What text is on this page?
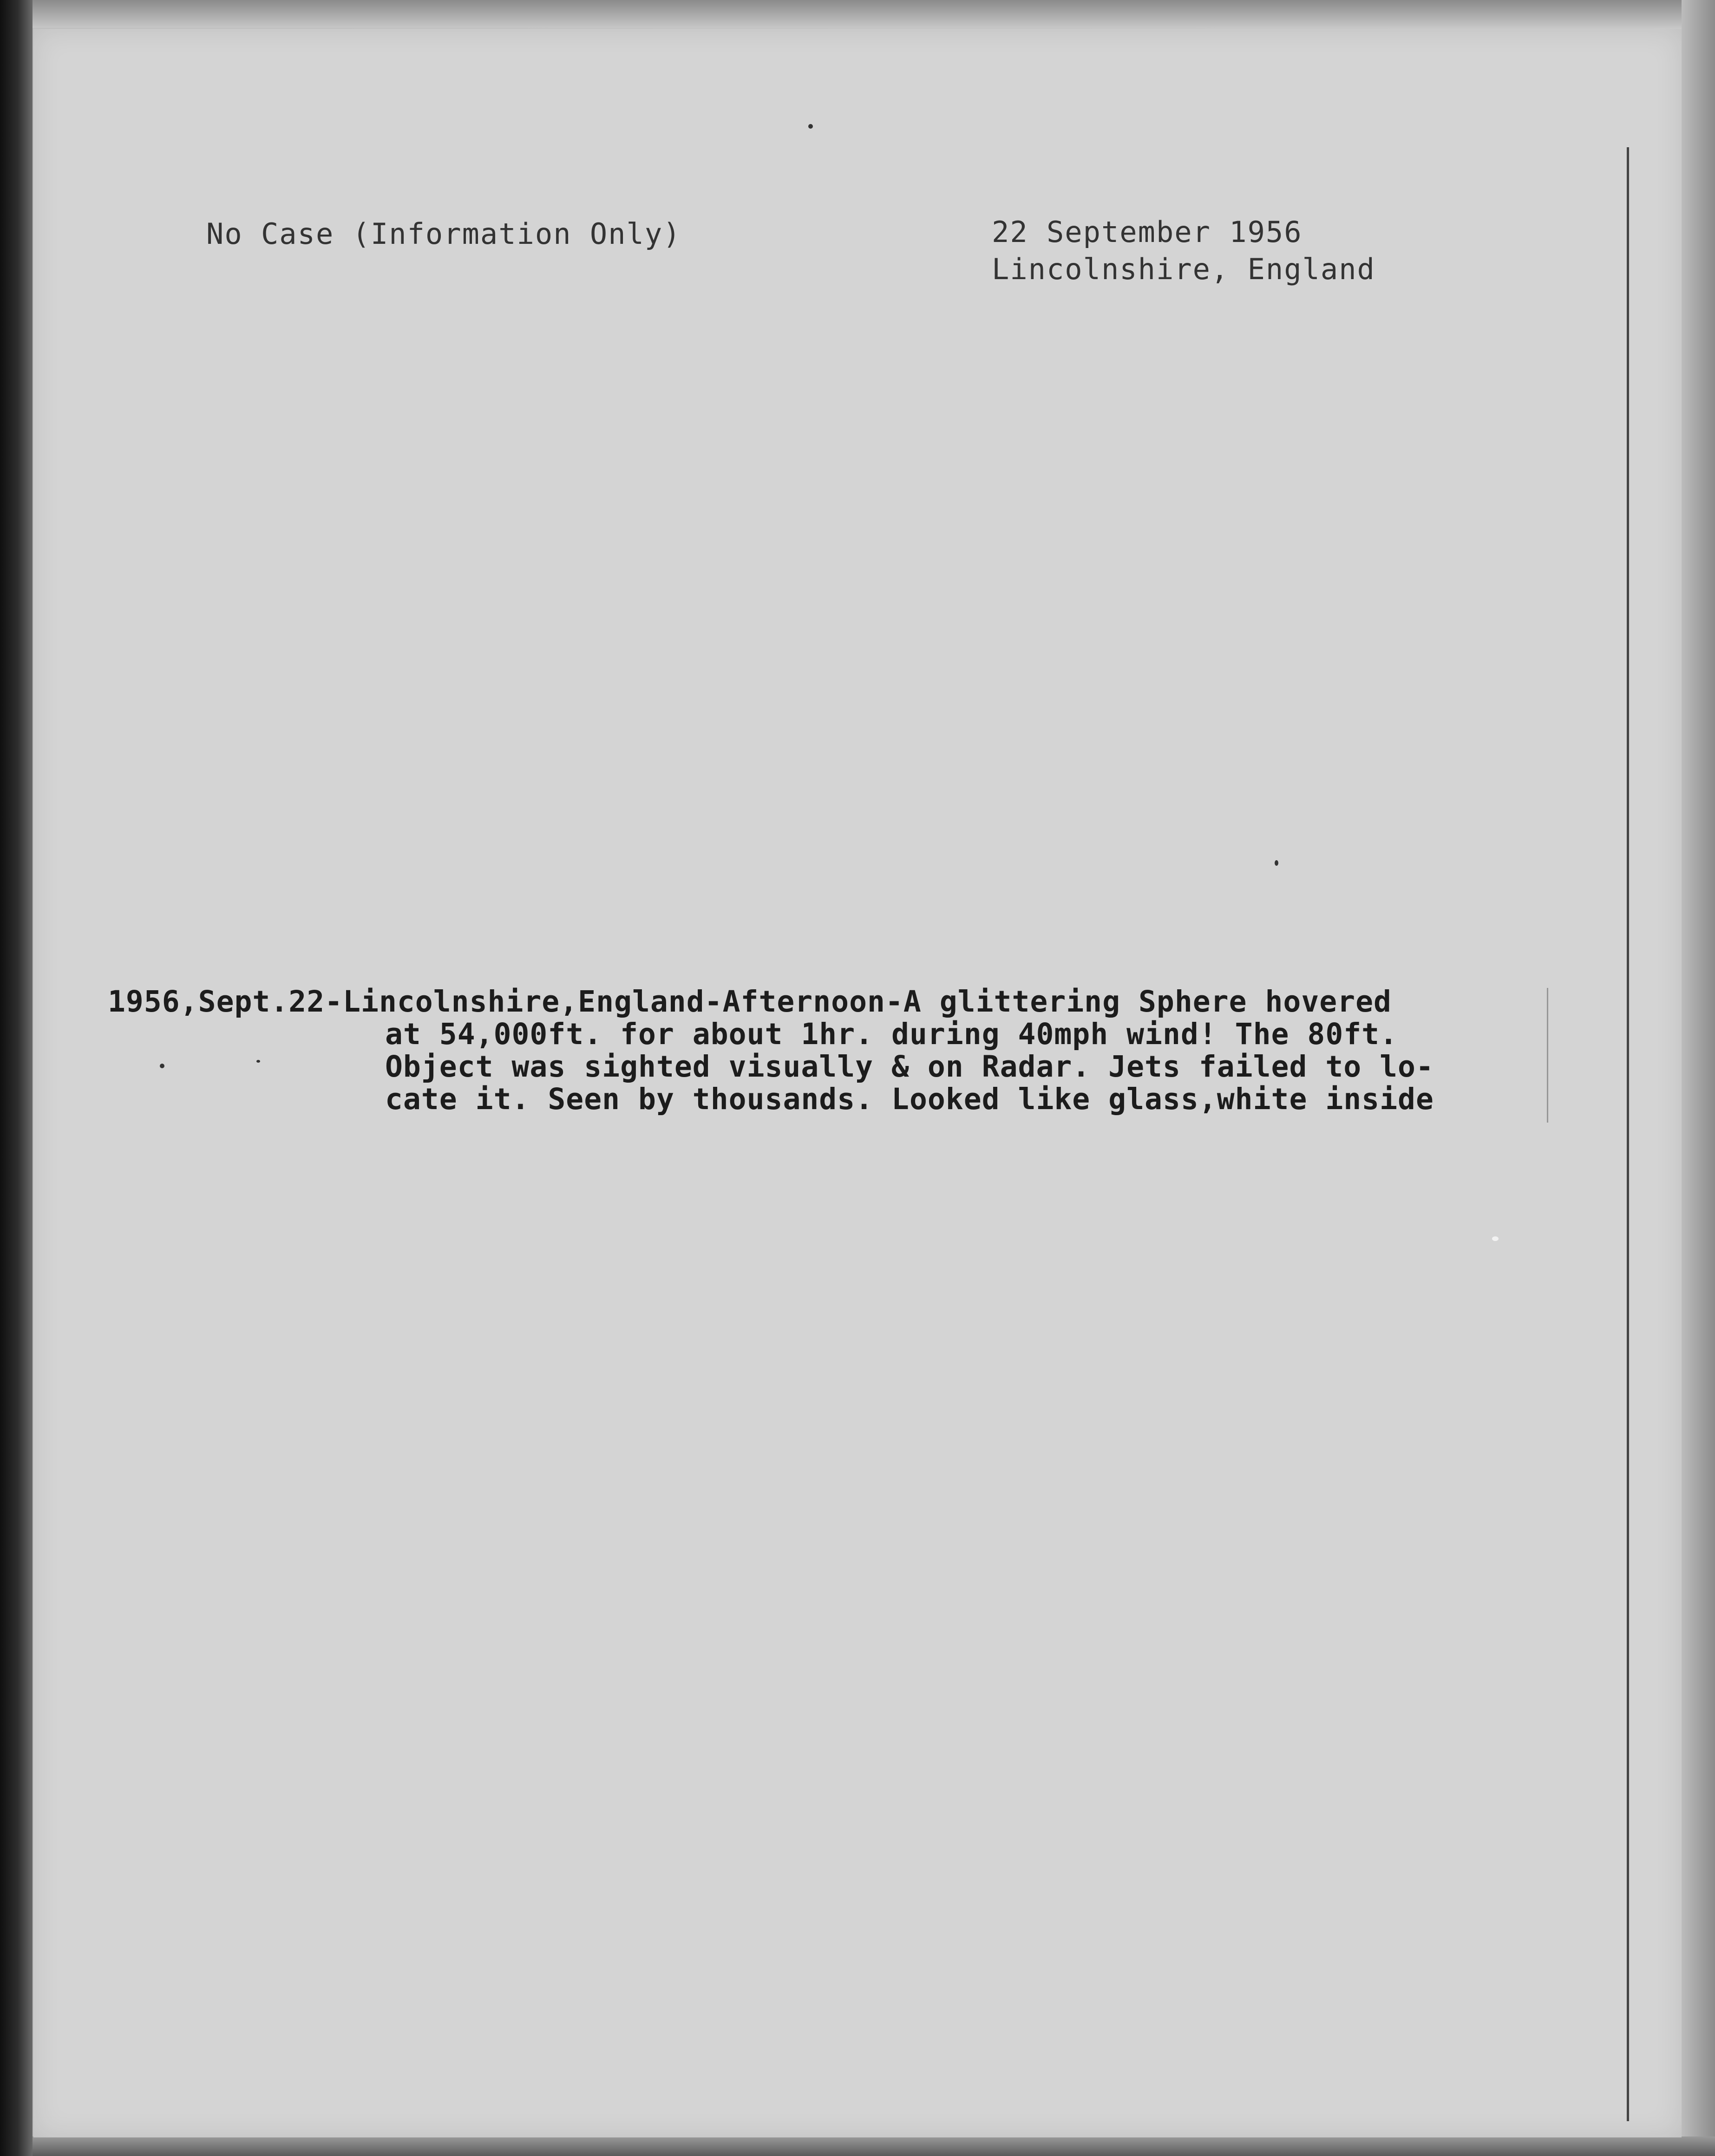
No Case (Information Only)	22 September 1956
Lincolnshire, England
1956,Sept.22-Lincolnshire,England-Afternoon-A glittering Sphere hovered
at 54,000ft. for about 1hr. during 40mph wind! The 80ft.
Object was sighted visually & on Radar. Jets failed to lo-
cate it. Seen by thousands. Looked like glass,white inside
